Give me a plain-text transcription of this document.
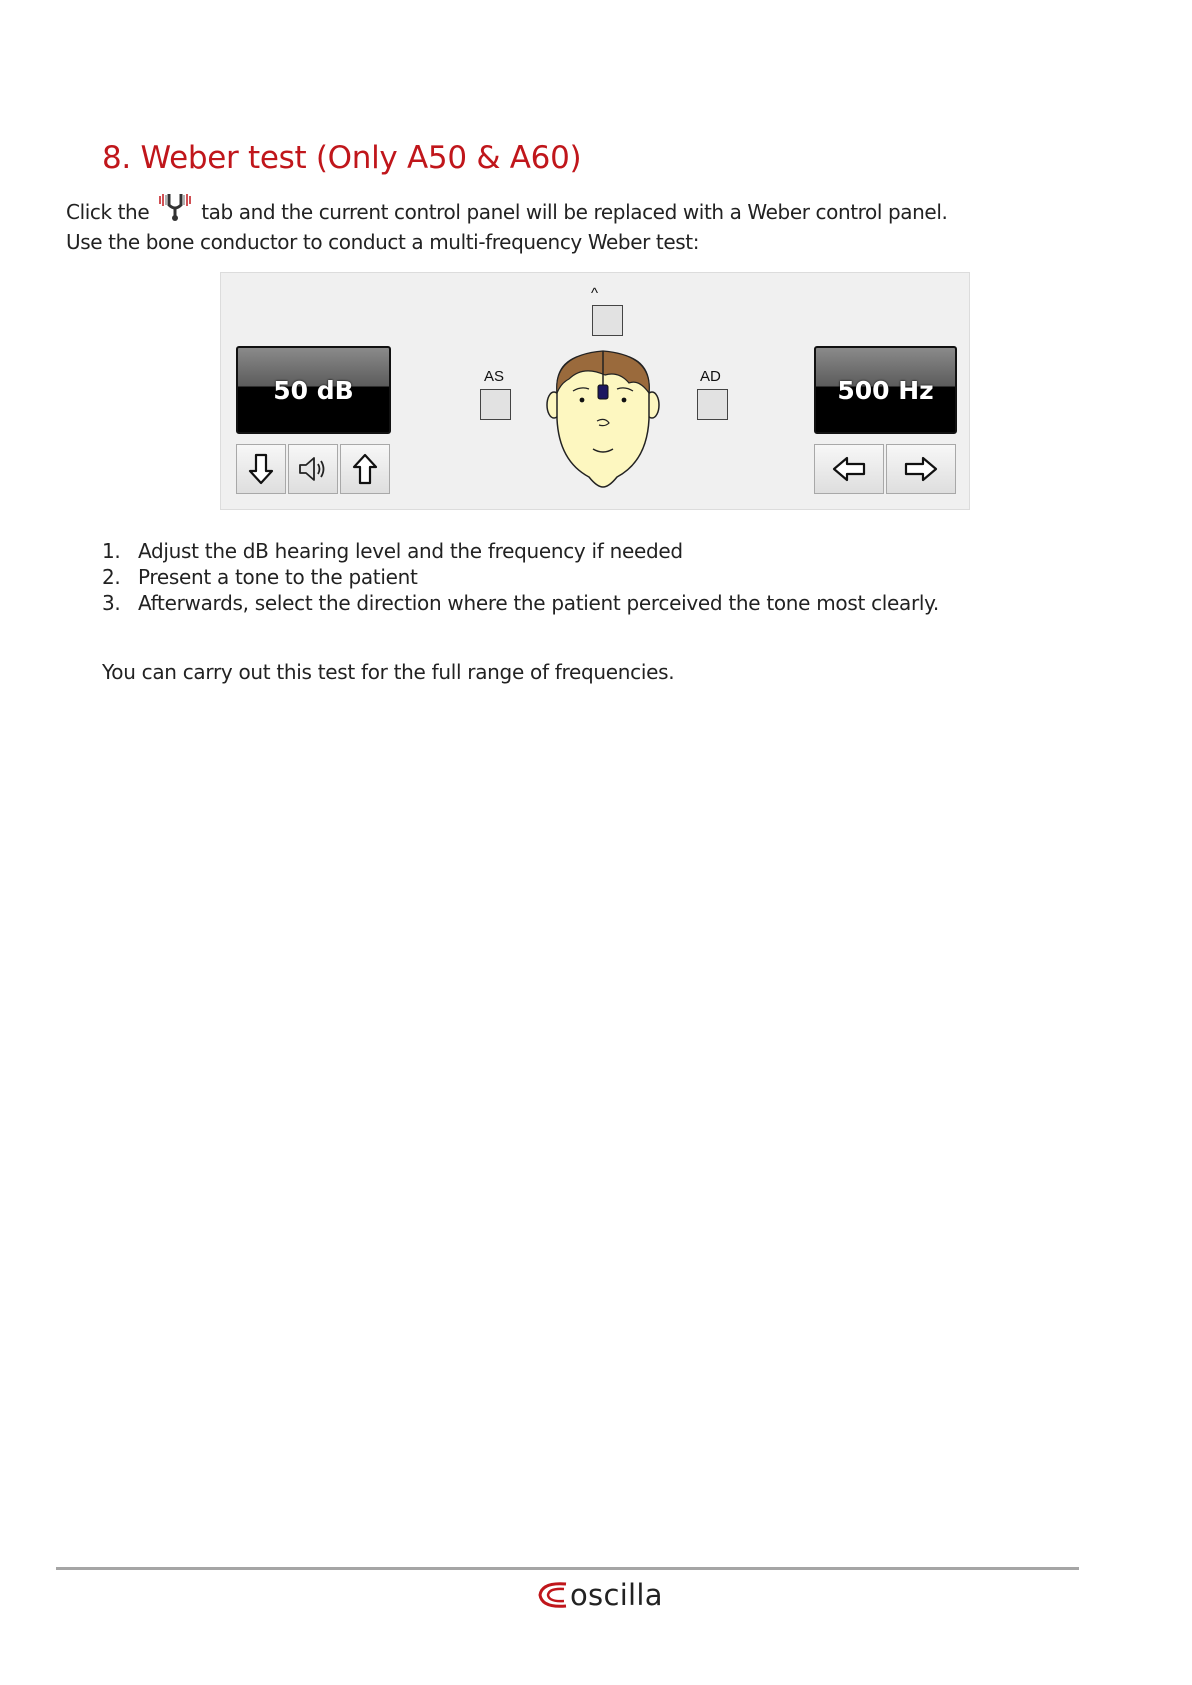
8. Weber test (Only A50 & A60)
Click the	tab and the current control panel will be replaced with a Weber control panel.
Use the bone conductor to conduct a multi-frequency Weber test:
50 dB
^
AS	AD	500 Hz
1. Adjust the dB hearing level and the frequency if needed
2. Present a tone to the patient
3. Afterwards, select the direction where the patient perceived the tone most clearly.

You can carry out this test for the full range of frequencies.

oscilla
